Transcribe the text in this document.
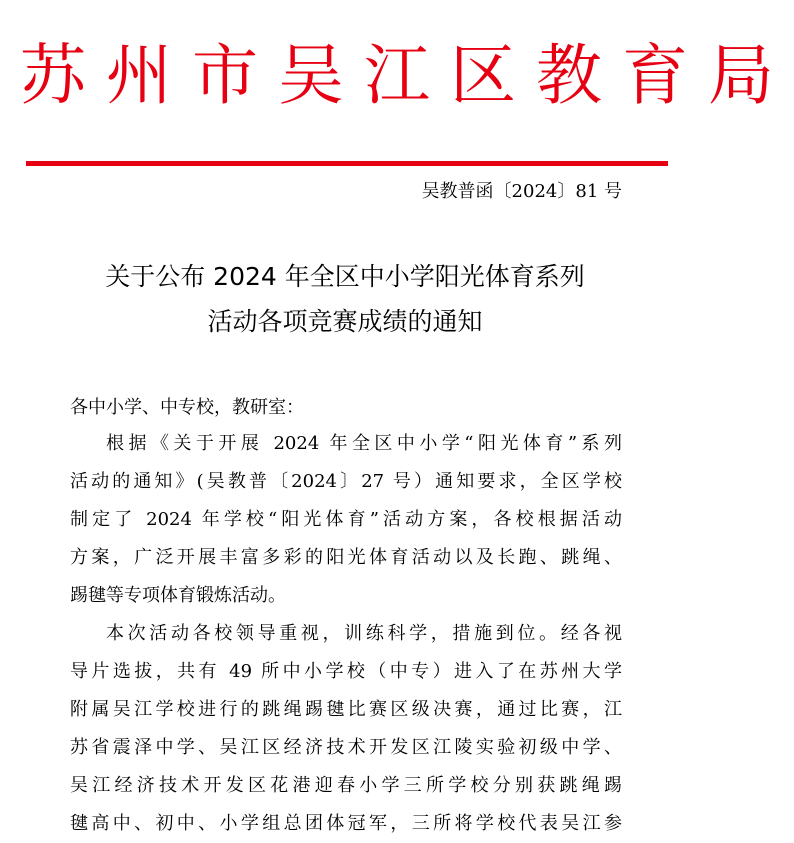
苏州市吴江区教育局
吴教普函〔2024〕81 号
关于公布 2024 年全区中小学阳光体育系列
活动各项竞赛成绩的通知
各中小学、中专校，教研室：
根据《关于开展 2024 年全区中小学“阳光体育”系列
活动的通知》(吴教普〔2024〕27 号）通知要求，全区学校
制定了 2024 年学校“阳光体育”活动方案，各校根据活动
方案，广泛开展丰富多彩的阳光体育活动以及长跑、跳绳、
踢毽等专项体育锻炼活动。
本次活动各校领导重视，训练科学，措施到位。经各视
导片选拔，共有 49 所中小学校（中专）进入了在苏州大学
附属吴江学校进行的跳绳踢毽比赛区级决赛，通过比赛，江
苏省震泽中学、吴江区经济技术开发区江陵实验初级中学、
吴江经济技术开发区花港迎春小学三所学校分别获跳绳踢
毽高中、初中、小学组总团体冠军，三所将学校代表吴江参
